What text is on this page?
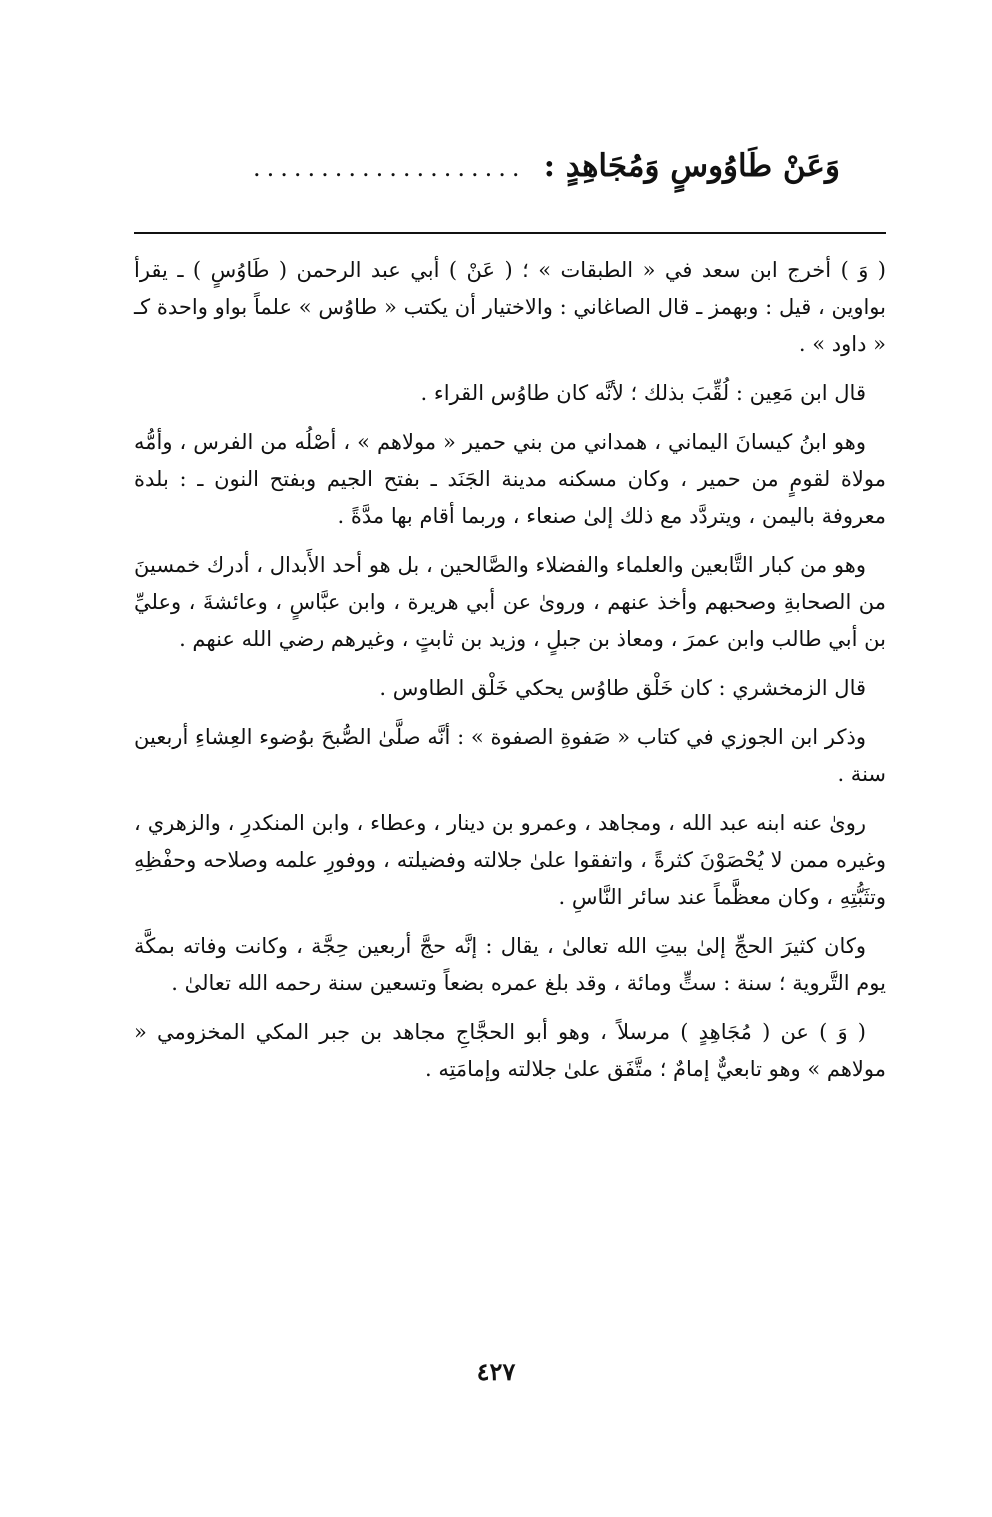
وَعَنْ طَاوُوسٍ وَمُجَاهِدٍ :
....................

( وَ ) أخرج ابن سعد في « الطبقات » ؛ ( عَنْ ) أبي عبد الرحمن ( طَاوُسٍ ) ـ يقرأ بواوين ، قيل : وبهمز ـ قال الصاغاني : والاختيار أن يكتب « طاوُس » علماً بواو واحدة كـ « داود » .

قال ابن مَعِين : لُقِّبَ بذلك ؛ لأنَّه كان طاوُس القراء .

وهو ابنُ كيسانَ اليماني ، همداني من بني حمير « مولاهم » ، أصْلُه من الفرس ، وأمُّه مولاة لقومٍ من حمير ، وكان مسكنه مدينة الجَنَد ـ بفتح الجيم وبفتح النون ـ : بلدة معروفة باليمن ، ويتردَّد مع ذلك إلىٰ صنعاء ، وربما أقام بها مدَّةً .

وهو من كبار التَّابعين والعلماء والفضلاء والصَّالحين ، بل هو أحد الأَبدال ، أدرك خمسينَ من الصحابةِ وصحبهم وأخذ عنهم ، وروىٰ عن أبي هريرة ، وابن عبَّاسٍ ، وعائشةَ ، وعليِّ بن أبي طالب وابن عمرَ ، ومعاذ بن جبلٍ ، وزيد بن ثابتٍ ، وغيرهم رضي الله عنهم .

قال الزمخشري : كان خَلْق طاوُس يحكي خَلْق الطاوس .

وذكر ابن الجوزي في كتاب « صَفوةِ الصفوة » : أنَّه صلَّىٰ الصُّبحَ بوُضوء العِشاءِ أربعين سنة .

روىٰ عنه ابنه عبد الله ، ومجاهد ، وعمرو بن دينار ، وعطاء ، وابن المنكدرِ ، والزهري ، وغيره ممن لا يُحْصَوْنَ كثرةً ، واتفقوا علىٰ جلالته وفضيلته ، ووفورِ علمه وصلاحه وحفْظِهِ وتثَبُّتِهِ ، وكان معظَّماً عند سائر النَّاسِ .

وكان كثيرَ الحجِّ إلىٰ بيتِ الله تعالىٰ ، يقال : إنَّه حجَّ أربعين حِجَّة ، وكانت وفاته بمكَّة يوم التَّروية ؛ سنة : ستٍّ ومائة ، وقد بلغ عمره بضعاً وتسعين سنة رحمه الله تعالىٰ .

( وَ ) عن ( مُجَاهِدٍ ) مرسلاً ، وهو أبو الحجَّاجِ مجاهد بن جبر المكي المخزومي « مولاهم » وهو تابعيٌّ إمامٌ ؛ متَّفَق علىٰ جلالته وإمامَتِه .

٤٢٧
